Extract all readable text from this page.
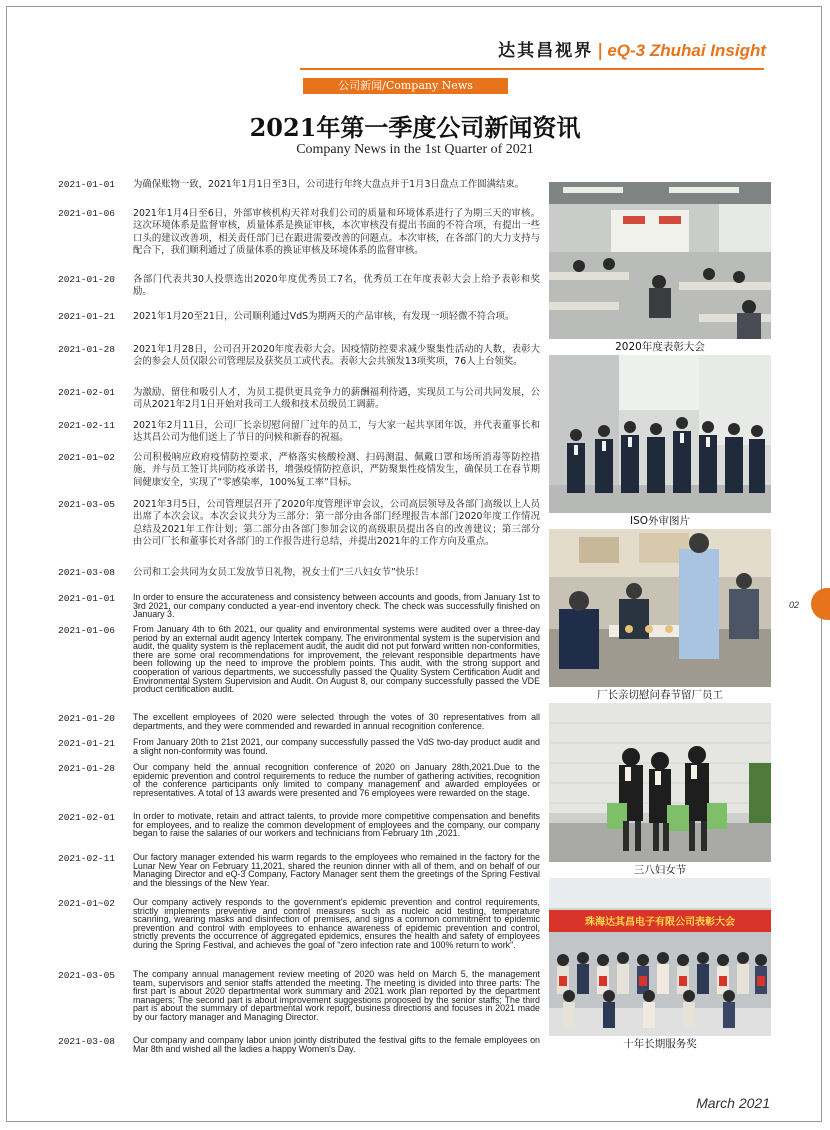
达其昌视界 | eQ-3 Zhuhai Insight
公司新闻/Company News
2021年第一季度公司新闻资讯
Company News in the 1st Quarter of 2021
2021-01-01	为确保账物一致，2021年1月1日至3日，公司进行年终大盘点并于1月3日盘点工作圆满结束。
2021-01-06	2021年1月4日至6日，外部审核机构天祥对我们公司的质量和环境体系进行了为期三天的审核。这次环境体系是监督审核，质量体系是换证审核，本次审核没有提出书面的不符合项，有提出一些口头的建议改善项，相关责任部门已在跟进需要改善的问题点。本次审核，在各部门的大力支持与配合下，我们顺利通过了质量体系的换证审核及环境体系的监督审核。
2021-01-20	各部门代表共30人投票选出2020年度优秀员工7名，优秀员工在年度表彰大会上给予表彰和奖励。
2021-01-21	2021年1月20至21日，公司顺利通过VdS为期两天的产品审核，有发现一项轻微不符合项。
2021-01-28	2021年1月28日，公司召开2020年度表彰大会。因疫情防控要求减少聚集性活动的人数，表彰大会的参会人员仅限公司管理层及获奖员工或代表。表彰大会共颁发13项奖项，76人上台领奖。
2021-02-01	为激励、留住和吸引人才，为员工提供更具竞争力的薪酬福利待遇，实现员工与公司共同发展，公司从2021年2月1日开始对我司工人级和技术员级员工调薪。
2021-02-11	2021年2月11日，公司厂长亲切慰问留厂过年的员工，与大家一起共享团年饭，并代表董事长和达其昌公司为他们送上了节日的问候和新春的祝福。
2021-01~02	公司积极响应政府疫情防控要求，严格落实核酸检测、扫码测温、佩戴口罩和场所消毒等防控措施，并与员工签订共同防疫承诺书，增强疫情防控意识，严防聚集性疫情发生，确保员工在春节期间健康安全，实现了“零感染率，100%复工率”目标。
2021-03-05	2021年3月5日，公司管理层召开了2020年度管理评审会议，公司高层领导及各部门高级以上人员出席了本次会议。本次会议共分为三部分：第一部分由各部门经理报告本部门2020年度工作情况总结及2021年工作计划；第二部分由各部门参加会议的高级职员提出各自的改善建议；第三部分由公司厂长和董事长对各部门的工作报告进行总结，并提出2021年的工作方向及重点。
2021-03-08	公司和工会共同为女员工发放节日礼物，祝女士们“三八妇女节”快乐！
2021-01-01	In order to ensure the accurateness and consistency between accounts and goods, from January 1st to 3rd 2021, our company conducted a year-end inventory check. The check was successfully finished on January 3.
2021-01-06	From January 4th to 6th 2021, our quality and environmental systems were audited over a three-day period by an external audit agency Intertek company. The environmental system is the supervision and audit, the quality system is the replacement audit, the audit did not put forward written non-conformities, there are some oral recommendations for improvement, the relevant responsible departments have been following up the need to improve the problem points. This audit, with the strong support and cooperation of various departments, we successfully passed the Quality System Certification Audit and Environmental System Supervision and Audit. On August 8, our company successfully passed the VDE product certification audit.
2021-01-20	The excellent employees of 2020 were selected through the votes of 30 representatives from all departments, and they were commended and rewarded in annual recognition conference.
2021-01-21	From January 20th to 21st 2021, our company successfully passed the VdS two-day product audit and a slight non-conformity was found.
2021-01-28	Our company held the annual recognition conference of 2020 on January 28th,2021.Due to the epidemic prevention and control requirements to reduce the number of gathering activities, recognition of the conference participants only limited to company management and awarded employees or representatives. A total of 13 awards were presented and 76 employees were rewarded on the stage.
2021-02-01	In order to motivate, retain and attract talents, to provide more competitive compensation and benefits for employees, and to realize the common development of employees and the company, our company began to raise the salaries of our workers and technicians from February 1th ,2021.
2021-02-11	Our factory manager extended his warm regards to the employees who remained in the factory for the Lunar New Year on February 11,2021, shared the reunion dinner with all of them, and on behalf of our Managing Director and eQ-3 Company, Factory Manager sent them the greetings of the Spring Festival and the blessings of the New Year.
2021-01~02	Our company actively responds to the government's epidemic prevention and control requirements, strictly implements preventive and control measures such as nucleic acid testing, temperature scanning, wearing masks and disinfection of premises, and signs a common commitment to epidemic prevention and control with employees to enhance awareness of epidemic prevention and control, strictly prevents the occurrence of aggregated epidemics, ensures the health and safety of employees during the Spring Festival, and achieves the goal of "zero infection rate and 100% return to work".
2021-03-05	The company annual management review meeting of 2020 was held on March 5, the management team, supervisors and senior staffs attended the meeting. The meeting is divided into three parts: The first part is about 2020 departmental work summary and 2021 work plan reported by the department managers; The second part is about improvement suggestions proposed by the senior staffs; The third part is about the summary of departmental work report, business directions and focuses in 2021 made by our factory manager and Managing Director.
2021-03-08	Our company and company labor union jointly distributed the festival gifts to the female employees on Mar 8th and wished all the ladies a happy Women's Day.
2020年度表彰大会
ISO外审图片
厂长亲切慰问春节留厂员工
三八妇女节
珠海达其昌电子有限公司表彰大会
十年长期服务奖
02
March 2021
